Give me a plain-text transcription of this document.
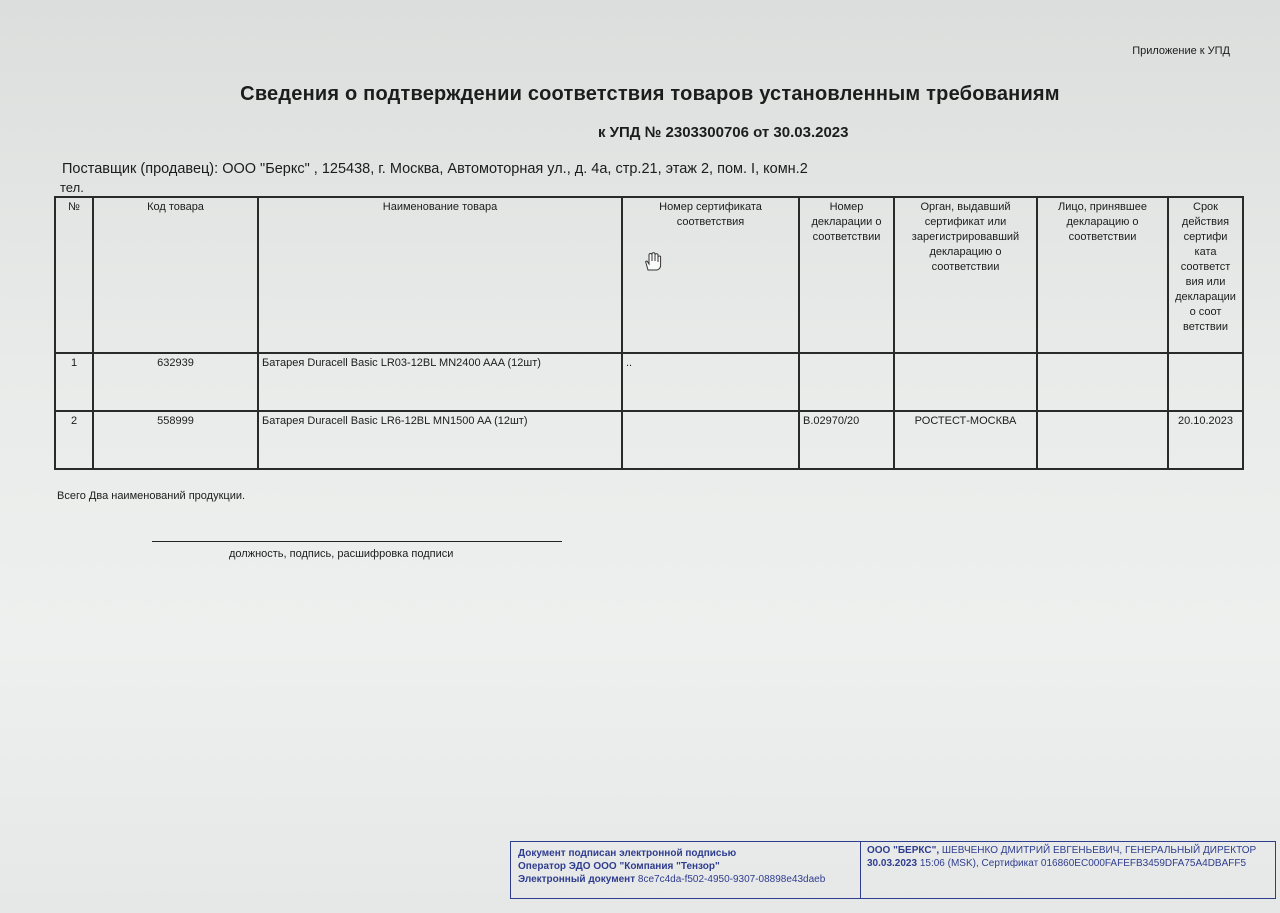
Приложение к УПД
Сведения о подтверждении соответствия товаров установленным требованиям
к УПД № 2303300706 от 30.03.2023
Поставщик (продавец): ООО "Беркс" , 125438, г. Москва, Автомоторная ул., д. 4а, стр.21, этаж 2, пом. I, комн.2
тел.
№	Код товара	Наименование товара	Номер сертификата соответствия	Номер декларации о соответствии	Орган, выдавший сертификат или зарегистрировавший декларацию о соответствии	Лицо, принявшее декларацию о соответствии	Срок действия сертифи ката соответст вия или декларации о соот ветствии
1	632939	Батарея Duracell Basic LR03-12BL MN2400 AAA (12шт)	..				
2	558999	Батарея Duracell Basic LR6-12BL MN1500 AA (12шт)		В.02970/20	РОСТЕСТ-МОСКВА		20.10.2023
Всего Два наименований продукции.
должность, подпись, расшифровка подписи
Документ подписан электронной подписью
Оператор ЭДО ООО "Компания "Тензор"
Электронный документ 8ce7c4da-f502-4950-9307-08898e43daeb
ООО "БЕРКС", ШЕВЧЕНКО ДМИТРИЙ ЕВГЕНЬЕВИЧ, ГЕНЕРАЛЬНЫЙ ДИРЕКТОР
30.03.2023 15:06 (MSK), Сертификат 016860EC000FAFEFB3459DFA75A4DBAFF5
